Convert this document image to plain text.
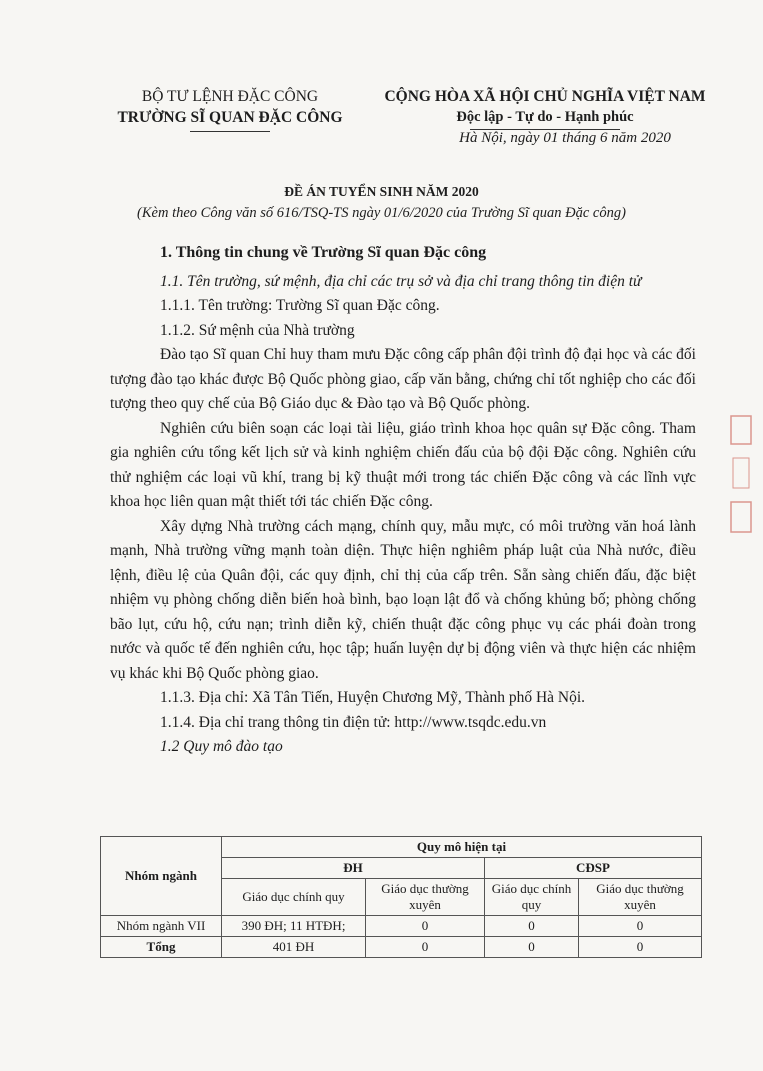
BỘ TƯ LỆNH ĐẶC CÔNG
TRƯỜNG SĨ QUAN ĐẶC CÔNG
CỘNG HÒA XÃ HỘI CHỦ NGHĨA VIỆT NAM
Độc lập - Tự do - Hạnh phúc
Hà Nội, ngày 01 tháng 6 năm 2020
ĐỀ ÁN TUYỂN SINH NĂM 2020
(Kèm theo Công văn số 616/TSQ-TS ngày 01/6/2020 của Trường Sĩ quan Đặc công)

1. Thông tin chung về Trường Sĩ quan Đặc công

1.1. Tên trường, sứ mệnh, địa chỉ các trụ sở và địa chỉ trang thông tin điện tử

1.1.1. Tên trường: Trường Sĩ quan Đặc công.

1.1.2. Sứ mệnh của Nhà trường

Đào tạo Sĩ quan Chỉ huy tham mưu Đặc công cấp phân đội trình độ đại học và các đối tượng đào tạo khác được Bộ Quốc phòng giao, cấp văn bằng, chứng chỉ tốt nghiệp cho các đối tượng theo quy chế của Bộ Giáo dục & Đào tạo và Bộ Quốc phòng.

Nghiên cứu biên soạn các loại tài liệu, giáo trình khoa học quân sự Đặc công. Tham gia nghiên cứu tổng kết lịch sử và kinh nghiệm chiến đấu của bộ đội Đặc công. Nghiên cứu thử nghiệm các loại vũ khí, trang bị kỹ thuật mới trong tác chiến Đặc công và các lĩnh vực khoa học liên quan mật thiết tới tác chiến Đặc công.

Xây dựng Nhà trường cách mạng, chính quy, mẫu mực, có môi trường văn hoá lành mạnh, Nhà trường vững mạnh toàn diện. Thực hiện nghiêm pháp luật của Nhà nước, điều lệnh, điều lệ của Quân đội, các quy định, chỉ thị của cấp trên. Sẵn sàng chiến đấu, đặc biệt nhiệm vụ phòng chống diễn biến hoà bình, bạo loạn lật đổ và chống khủng bố; phòng chống bão lụt, cứu hộ, cứu nạn; trình diễn kỹ, chiến thuật đặc công phục vụ các phái đoàn trong nước và quốc tế đến nghiên cứu, học tập; huấn luyện dự bị động viên và thực hiện các nhiệm vụ khác khi Bộ Quốc phòng giao.

1.1.3. Địa chỉ: Xã Tân Tiến, Huyện Chương Mỹ, Thành phố Hà Nội.

1.1.4. Địa chỉ trang thông tin điện tử: http://www.tsqdc.edu.vn

1.2 Quy mô đào tạo

Nhóm ngành	Quy mô hiện tại			
	ĐH		CĐSP	
	Giáo dục chính quy	Giáo dục thường xuyên	Giáo dục chính quy	Giáo dục thường xuyên
Nhóm ngành VII	390 ĐH; 11 HTĐH;	0	0	0
Tổng	401 ĐH	0	0	0
